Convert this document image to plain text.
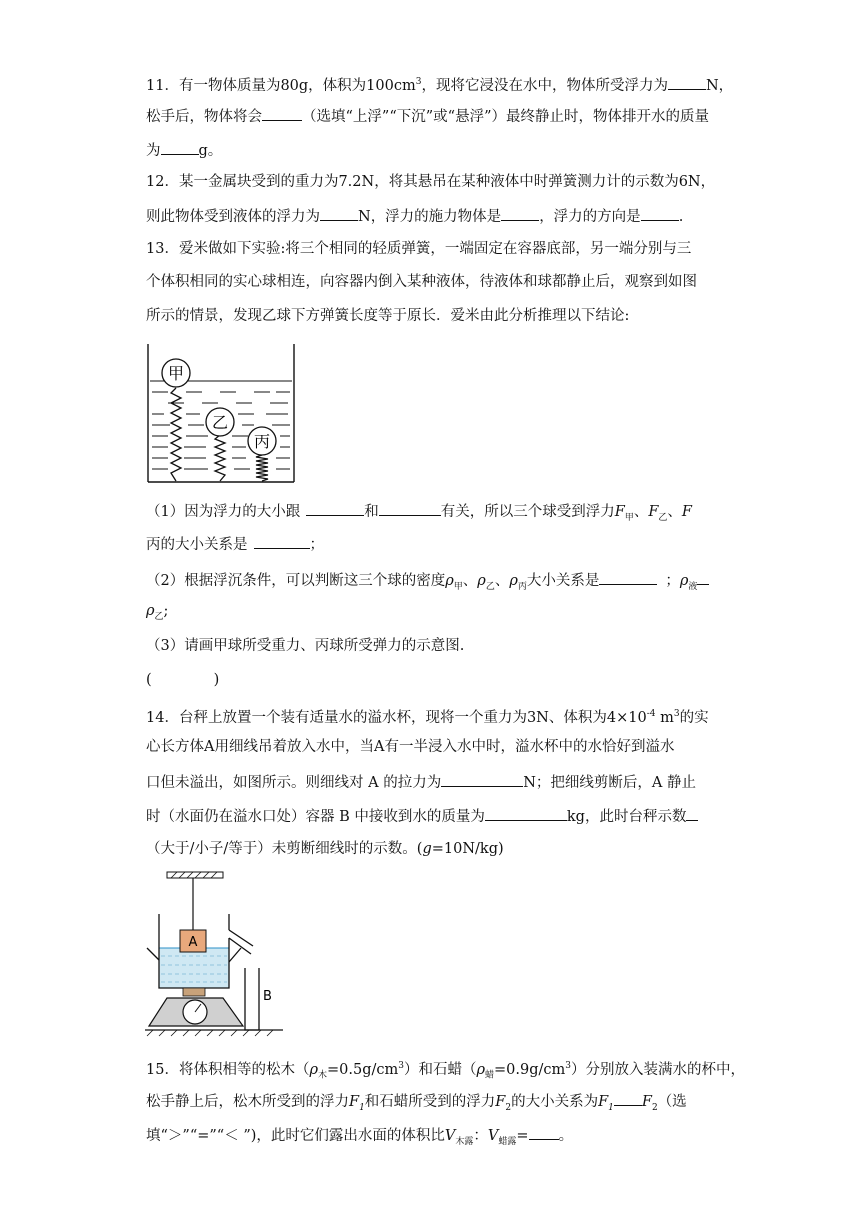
11．有一物体质量为80g，体积为$100cm^3$，现将它浸没在水中，物体所受浮力为	N，
松手后，物体将会	（选填“上浮”“下沉”或“悬浮”）最终静止时，物体排开水的质量
为	g。
12．某一金属块受到的重力为7.2N，将其悬吊在某种液体中时弹簧测力计的示数为6N，
则此物体受到液体的浮力为	N，浮力的施力物体是	，浮力的方向是	.
13．爱米做如下实验:将三个相同的轻质弹簧，一端固定在容器底部，另一端分别与三
个体积相同的实心球相连，向容器内倒入某种液体，待液体和球都静止后，观察到如图
所示的情景，发现乙球下方弹簧长度等于原长．爱米由此分析推理以下结论:
甲
乙
丙
（1）因为浮力的大小跟	和	有关，所以三个球受到浮力$F_甲$、$F_乙$、F
丙的大小关系是	；
（2）根据浮沉条件，可以判断这三个球的密度$\rho_甲$、$\rho_乙$、$\rho_丙$大小关系是	；$\rho_液$
$\rho_乙$;
（3）请画甲球所受重力、丙球所受弹力的示意图.
(	)
14．台秤上放置一个装有适量水的溢水杯，现将一个重力为3N、体积为$4\times 10^{-4}$ $m^3$的实
心长方体A用细线吊着放入水中，当A有一半浸入水中时，溢水杯中的水恰好到溢水
口但未溢出，如图所示。则细线对 A 的拉力为	N；把细线剪断后，A 静止
时（水面仍在溢水口处）容器 B 中接收到水的质量为	kg，此时台秤示数
（大于/小子/等于）未剪断细线时的示数。(g=10N/kg)
A
B
15．将体积相等的松木$(\rho_木=0.5g/cm^3)$和石蜡$(\rho_蜡=0.9g/cm^3)$分别放入装满水的杯中，
松手静上后，松木所受到的浮力$F_1$和石蜡所受到的浮力$F_2$的大小关系为$F_1$ $F_2$（选
填“＞”“=”“＜ ”)，此时它们露出水面的体积比$V_{木露}$：$V_{蜡露}=$ 。
